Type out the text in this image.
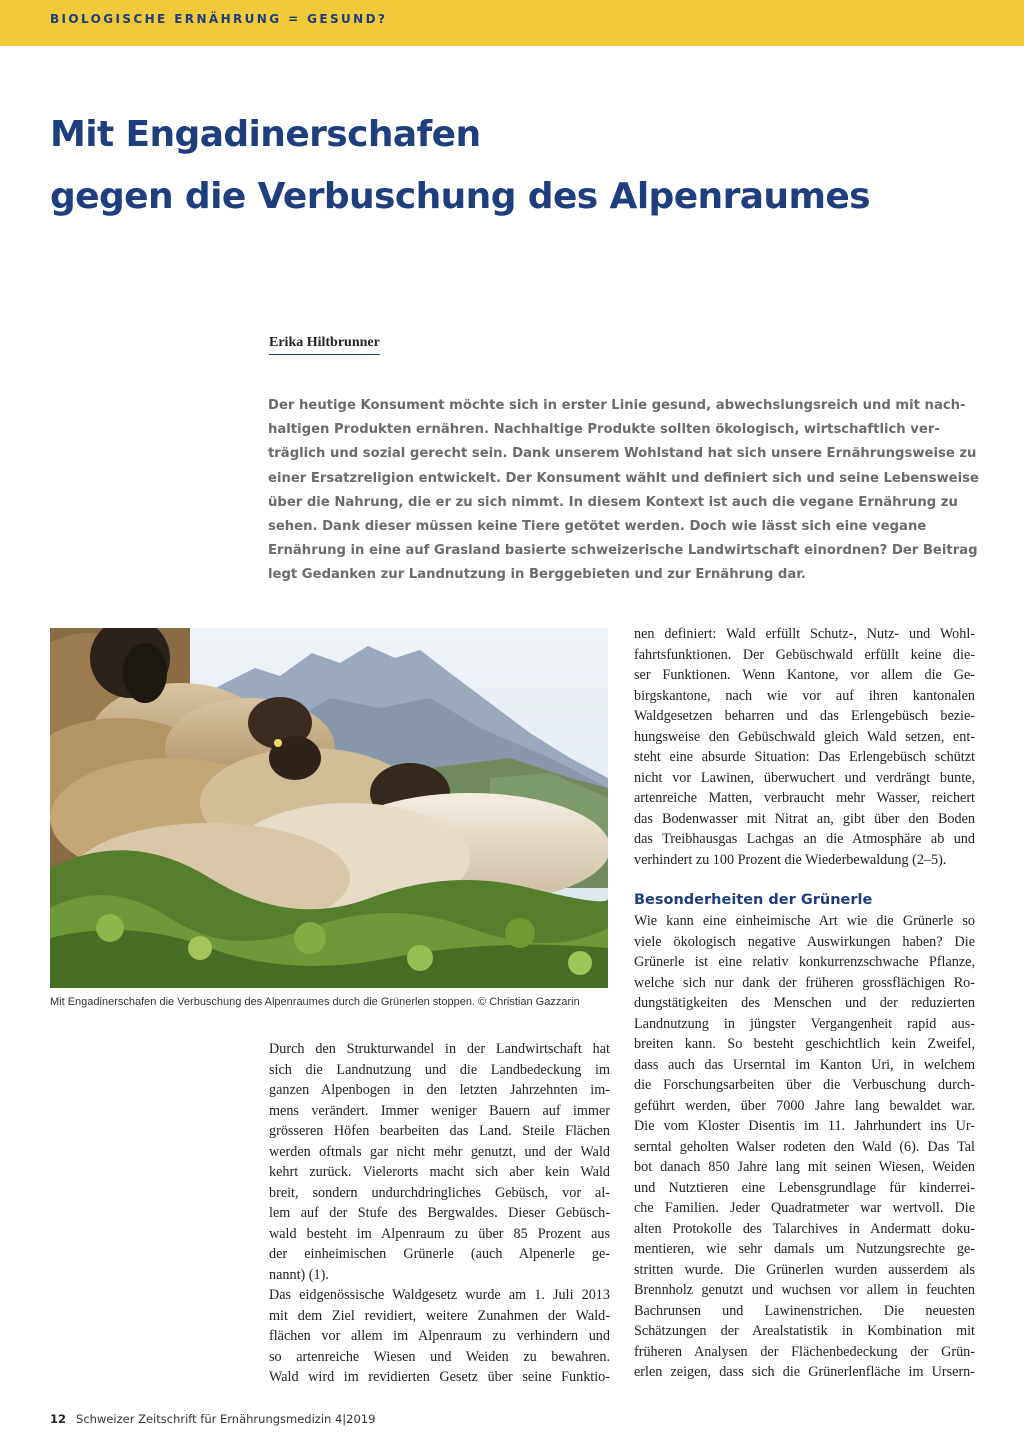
BIOLOGISCHE ERNÄHRUNG = GESUND?
Mit Engadinerschafen
gegen die Verbuschung des Alpenraumes
Erika Hiltbrunner
Der heutige Konsument möchte sich in erster Linie gesund, abwechslungsreich und mit nach-
haltigen Produkten ernähren. Nachhaltige Produkte sollten ökologisch, wirtschaftlich ver-
träglich und sozial gerecht sein. Dank unserem Wohlstand hat sich unsere Ernährungsweise zu
einer Ersatzreligion entwickelt. Der Konsument wählt und definiert sich und seine Lebensweise
über die Nahrung, die er zu sich nimmt. In diesem Kontext ist auch die vegane Ernährung zu
sehen. Dank dieser müssen keine Tiere getötet werden. Doch wie lässt sich eine vegane
Ernährung in eine auf Grasland basierte schweizerische Landwirtschaft einordnen? Der Beitrag
legt Gedanken zur Landnutzung in Berggebieten und zur Ernährung dar.
Mit Engadinerschafen die Verbuschung des Alpenraumes durch die Grünerlen stoppen. © Christian Gazzarin

Durch den Strukturwandel in der Landwirtschaft hat
sich die Landnutzung und die Landbedeckung im
ganzen Alpenbogen in den letzten Jahrzehnten im-
mens verändert. Immer weniger Bauern auf immer
grösseren Höfen bearbeiten das Land. Steile Flächen
werden oftmals gar nicht mehr genutzt, und der Wald
kehrt zurück. Vielerorts macht sich aber kein Wald
breit, sondern undurchdringliches Gebüsch, vor al-
lem auf der Stufe des Bergwaldes. Dieser Gebüsch-
wald besteht im Alpenraum zu über 85 Prozent aus
der einheimischen Grünerle (auch Alpenerle ge-
nannt) (1).

Das eidgenössische Waldgesetz wurde am 1. Juli 2013
mit dem Ziel revidiert, weitere Zunahmen der Wald-
flächen vor allem im Alpenraum zu verhindern und
so artenreiche Wiesen und Weiden zu bewahren.
Wald wird im revidierten Gesetz über seine Funktio-

nen definiert: Wald erfüllt Schutz-, Nutz- und Wohl-
fahrtsfunktionen. Der Gebüschwald erfüllt keine die-
ser Funktionen. Wenn Kantone, vor allem die Ge-
birgskantone, nach wie vor auf ihren kantonalen
Waldgesetzen beharren und das Erlengebüsch bezie-
hungsweise den Gebüschwald gleich Wald setzen, ent-
steht eine absurde Situation: Das Erlengebüsch schützt
nicht vor Lawinen, überwuchert und verdrängt bunte,
artenreiche Matten, verbraucht mehr Wasser, reichert
das Bodenwasser mit Nitrat an, gibt über den Boden
das Treibhausgas Lachgas an die Atmosphäre ab und
verhindert zu 100 Prozent die Wiederbewaldung (2–5).

Besonderheiten der Grünerle

Wie kann eine einheimische Art wie die Grünerle so
viele ökologisch negative Auswirkungen haben? Die
Grünerle ist eine relativ konkurrenzschwache Pflanze,
welche sich nur dank der früheren grossflächigen Ro-
dungstätigkeiten des Menschen und der reduzierten
Landnutzung in jüngster Vergangenheit rapid aus-
breiten kann. So besteht geschichtlich kein Zweifel,
dass auch das Urserntal im Kanton Uri, in welchem
die Forschungsarbeiten über die Verbuschung durch-
geführt werden, über 7000 Jahre lang bewaldet war.
Die vom Kloster Disentis im 11. Jahrhundert ins Ur-
serntal geholten Walser rodeten den Wald (6). Das Tal
bot danach 850 Jahre lang mit seinen Wiesen, Weiden
und Nutztieren eine Lebensgrundlage für kinderrei-
che Familien. Jeder Quadratmeter war wertvoll. Die
alten Protokolle des Talarchives in Andermatt doku-
mentieren, wie sehr damals um Nutzungsrechte ge-
stritten wurde. Die Grünerlen wurden ausserdem als
Brennholz genutzt und wuchsen vor allem in feuchten
Bachrunsen und Lawinenstrichen. Die neuesten
Schätzungen der Arealstatistik in Kombination mit
früheren Analysen der Flächenbedeckung der Grün-
erlen zeigen, dass sich die Grünerlenfläche im Ursern-

12 Schweizer Zeitschrift für Ernährungsmedizin 4|2019
